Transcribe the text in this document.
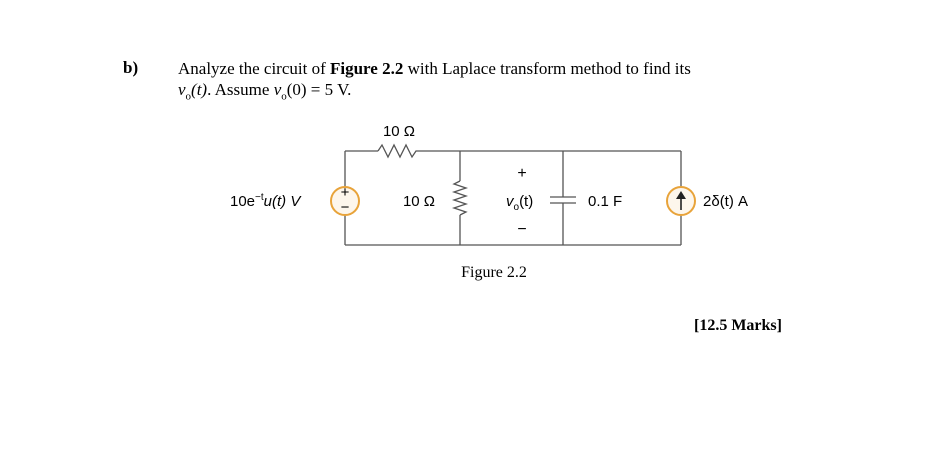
b) Analyze the circuit of Figure 2.2 with Laplace transform method to find its
$v_o(t)$. Assume $v_o(0) = 5$ V.
+
−
10 Ω
10 Ω
$10e^{-t}u(t)$ V
+
$v_o(t)$
−
0.1 F	2δ(t) A
Figure 2.2
[12.5 Marks]
